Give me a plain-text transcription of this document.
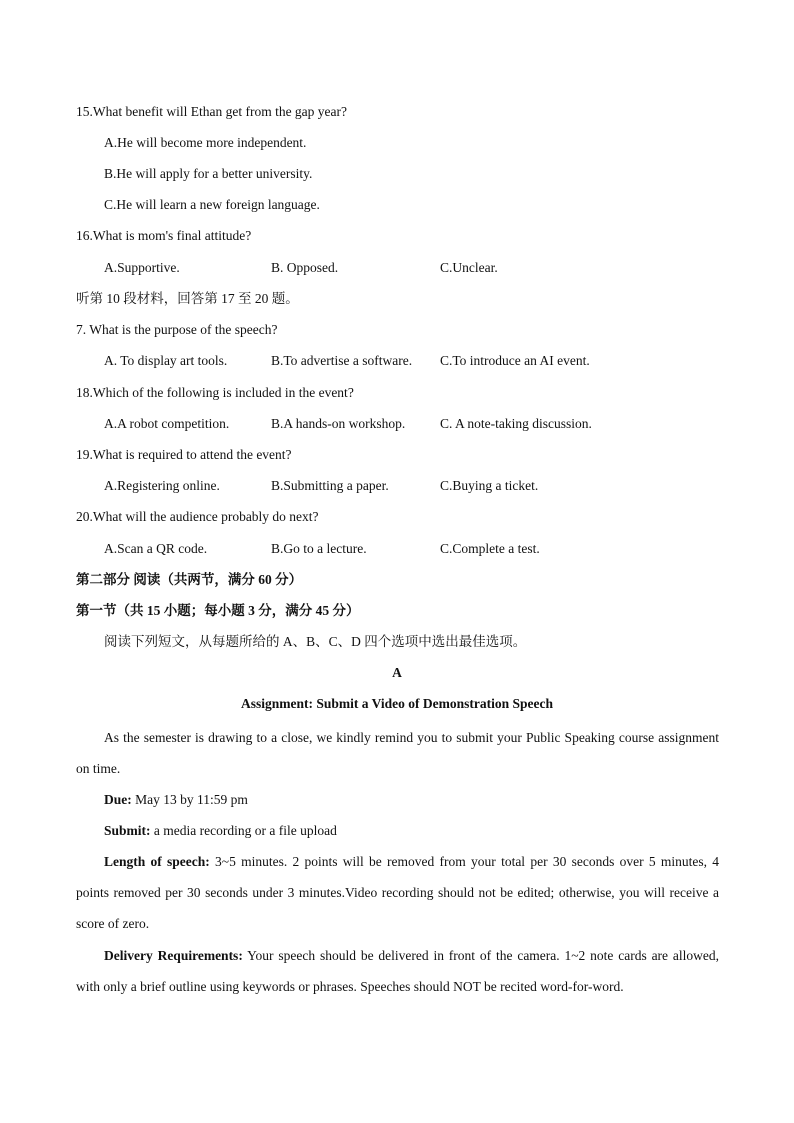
15.What benefit will Ethan get from the gap year?
A.He will become more independent.
B.He will apply for a better university.
C.He will learn a new foreign language.
16.What is mom's final attitude?
A.Supportive.	B. Opposed.	C.Unclear.
听第 10 段材料，回答第 17 至 20 题。
7. What is the purpose of the speech?
A. To display art tools.	B.To advertise a software. C.To introduce an AI event.
18.Which of the following is included in the event?
A.A robot competition.	B.A hands-on workshop.	C. A note-taking discussion.
19.What is required to attend the event?
A.Registering online.	B.Submitting a paper.	C.Buying a ticket.
20.What will the audience probably do next?
A.Scan a QR code.	B.Go to a lecture.	C.Complete a test.
第二部分 阅读（共两节，满分 60 分）
第一节（共 15 小题；每小题 3 分，满分 45 分）
阅读下列短文，从每题所给的 A、B、C、D 四个选项中选出最佳选项。
A
Assignment: Submit a Video of Demonstration Speech
As the semester is drawing to a close, we kindly remind you to submit your Public Speaking course assignment on time.
Due: May 13 by 11:59 pm
Submit: a media recording or a file upload
Length of speech: 3~5 minutes. 2 points will be removed from your total per 30 seconds over 5 minutes, 4 points removed per 30 seconds under 3 minutes.Video recording should not be edited; otherwise, you will receive a score of zero.
Delivery Requirements: Your speech should be delivered in front of the camera. 1~2 note cards are allowed, with only a brief outline using keywords or phrases. Speeches should NOT be recited word-for-word.
